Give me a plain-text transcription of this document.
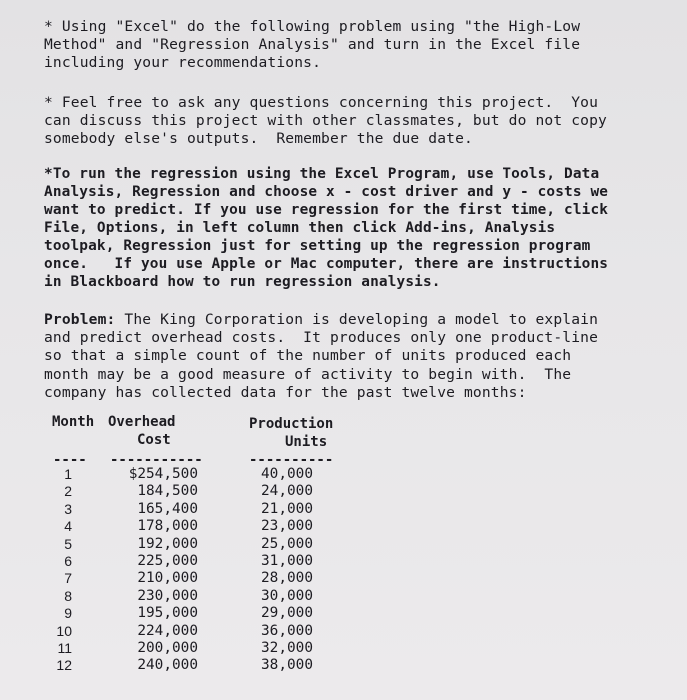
* Using "Excel" do the following problem using "the High-Low
Method" and "Regression Analysis" and turn in the Excel file
including your recommendations.
* Feel free to ask any questions concerning this project.  You
can discuss this project with other classmates, but do not copy
somebody else's outputs.  Remember the due date.
*To run the regression using the Excel Program, use Tools, Data
Analysis, Regression and choose x - cost driver and y - costs we
want to predict. If you use regression for the first time, click
File, Options, in left column then click Add-ins, Analysis
toolpak, Regression just for setting up the regression program
once.   If you use Apple or Mac computer, there are instructions
in Blackboard how to run regression analysis.
Problem: The King Corporation is developing a model to explain
and predict overhead costs.  It produces only one product-line
so that a simple count of the number of units produced each
month may be a good measure of activity to begin with.  The
company has collected data for the past twelve months:
Month Overhead
Cost
Production
Units
---- -----------	----------
1
2
3
4
5
6
7
8
9
10
11
12
$254,500
184,500
165,400
178,000
192,000
225,000
210,000
230,000
195,000
224,000
200,000
240,000
40,000
24,000
21,000
23,000
25,000
31,000
28,000
30,000
29,000
36,000
32,000
38,000
